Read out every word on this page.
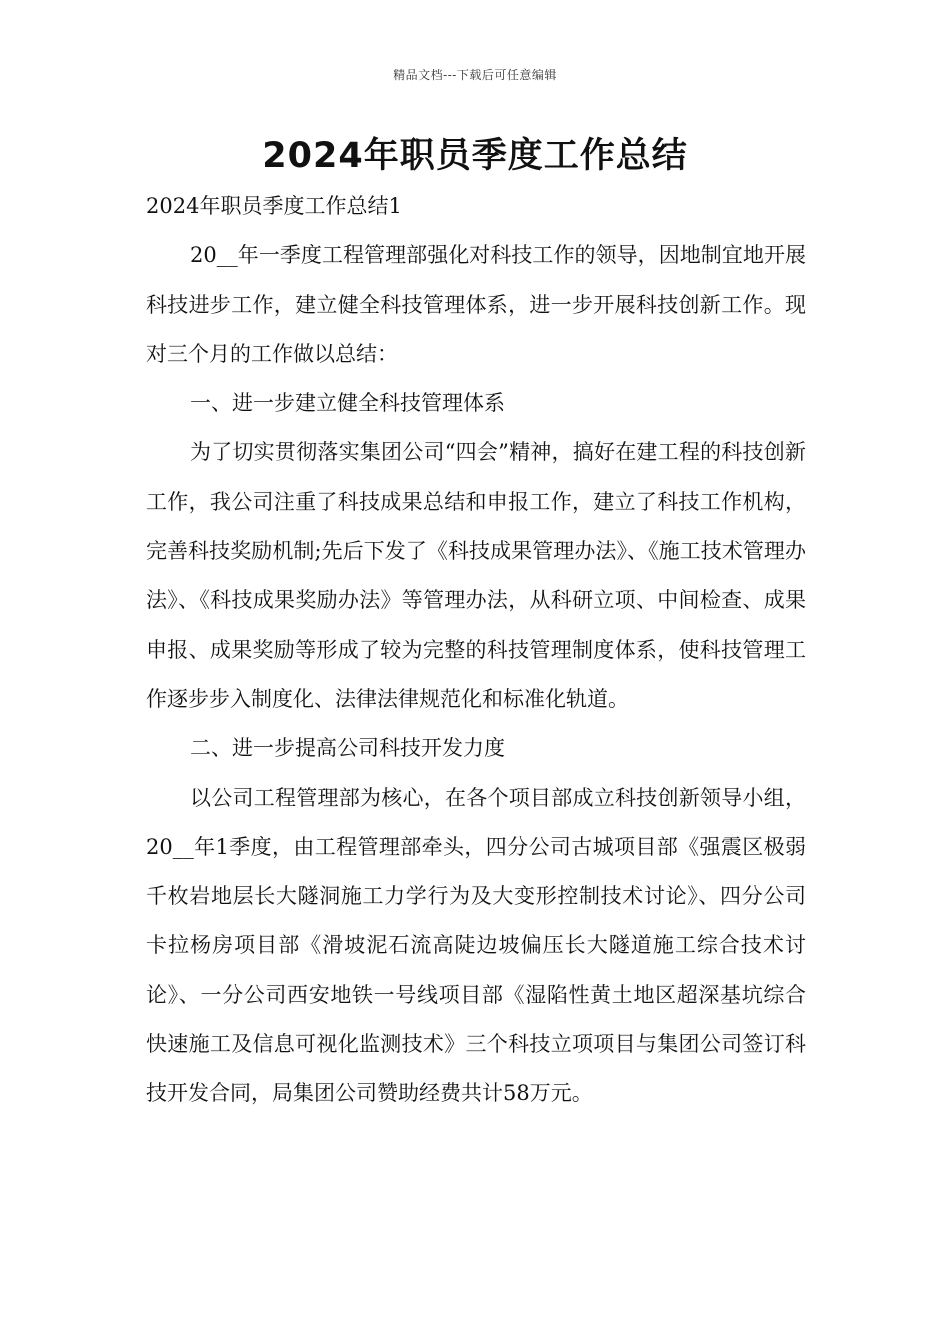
精品文档---下载后可任意编辑
2024年职员季度工作总结

2024年职员季度工作总结1

20__年一季度工程管理部强化对科技工作的领导，因地制宜地开展科技进步工作，建立健全科技管理体系，进一步开展科技创新工作。现对三个月的工作做以总结：

一、进一步建立健全科技管理体系

为了切实贯彻落实集团公司“四会”精神，搞好在建工程的科技创新工作，我公司注重了科技成果总结和申报工作，建立了科技工作机构，完善科技奖励机制;先后下发了《科技成果管理办法》、《施工技术管理办法》、《科技成果奖励办法》等管理办法，从科研立项、中间检查、成果申报、成果奖励等形成了较为完整的科技管理制度体系，使科技管理工作逐步步入制度化、法律法律规范化和标准化轨道。

二、进一步提高公司科技开发力度

以公司工程管理部为核心，在各个项目部成立科技创新领导小组，20__年1季度，由工程管理部牵头，四分公司古城项目部《强震区极弱千枚岩地层长大隧洞施工力学行为及大变形控制技术讨论》、四分公司卡拉杨房项目部《滑坡泥石流高陡边坡偏压长大隧道施工综合技术讨论》、一分公司西安地铁一号线项目部《湿陷性黄土地区超深基坑综合快速施工及信息可视化监测技术》三个科技立项项目与集团公司签订科技开发合同，局集团公司赞助经费共计58万元。
